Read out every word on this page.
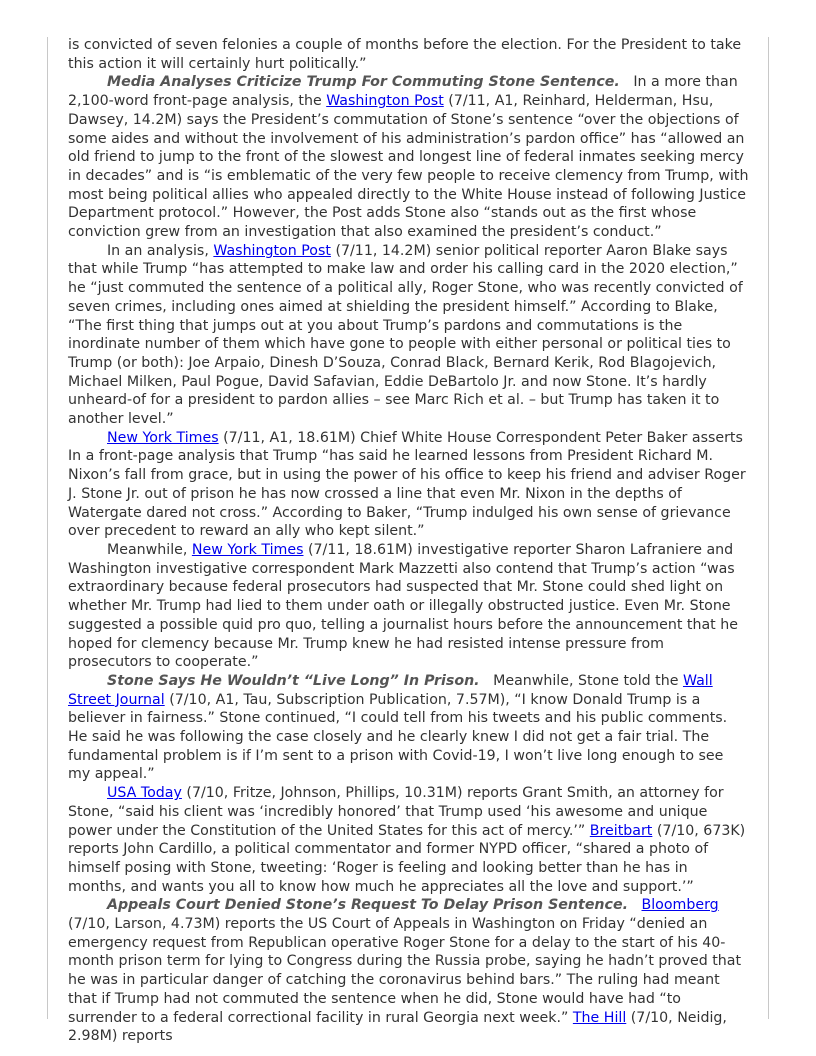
is convicted of seven felonies a couple of months before the election. For the President to take this action it will certainly hurt politically.”

Media Analyses Criticize Trump For Commuting Stone Sentence.   In a more than 2,100-word front-page analysis, the Washington Post (7/11, A1, Reinhard, Helderman, Hsu, Dawsey, 14.2M) says the President’s commutation of Stone’s sentence “over the objections of some aides and without the involvement of his administration’s pardon office” has “allowed an old friend to jump to the front of the slowest and longest line of federal inmates seeking mercy in decades” and is “is emblematic of the very few people to receive clemency from Trump, with most being political allies who appealed directly to the White House instead of following Justice Department protocol.” However, the Post adds Stone also “stands out as the first whose conviction grew from an investigation that also examined the president’s conduct.”

In an analysis, Washington Post (7/11, 14.2M) senior political reporter Aaron Blake says that while Trump “has attempted to make law and order his calling card in the 2020 election,” he “just commuted the sentence of a political ally, Roger Stone, who was recently convicted of seven crimes, including ones aimed at shielding the president himself.” According to Blake, “The first thing that jumps out at you about Trump’s pardons and commutations is the inordinate number of them which have gone to people with either personal or political ties to Trump (or both): Joe Arpaio, Dinesh D’Souza, Conrad Black, Bernard Kerik, Rod Blagojevich, Michael Milken, Paul Pogue, David Safavian, Eddie DeBartolo Jr. and now Stone. It’s hardly unheard-of for a president to pardon allies – see Marc Rich et al. – but Trump has taken it to another level.”

New York Times (7/11, A1, 18.61M) Chief White House Correspondent Peter Baker asserts In a front-page analysis that Trump “has said he learned lessons from President Richard M. Nixon’s fall from grace, but in using the power of his office to keep his friend and adviser Roger J. Stone Jr. out of prison he has now crossed a line that even Mr. Nixon in the depths of Watergate dared not cross.” According to Baker, “Trump indulged his own sense of grievance over precedent to reward an ally who kept silent.”

Meanwhile, New York Times (7/11, 18.61M) investigative reporter Sharon Lafraniere and Washington investigative correspondent Mark Mazzetti also contend that Trump’s action “was extraordinary because federal prosecutors had suspected that Mr. Stone could shed light on whether Mr. Trump had lied to them under oath or illegally obstructed justice. Even Mr. Stone suggested a possible quid pro quo, telling a journalist hours before the announcement that he hoped for clemency because Mr. Trump knew he had resisted intense pressure from prosecutors to cooperate.”

Stone Says He Wouldn’t “Live Long” In Prison.   Meanwhile, Stone told the Wall Street Journal (7/10, A1, Tau, Subscription Publication, 7.57M), “I know Donald Trump is a believer in fairness.” Stone continued, “I could tell from his tweets and his public comments. He said he was following the case closely and he clearly knew I did not get a fair trial. The fundamental problem is if I’m sent to a prison with Covid-19, I won’t live long enough to see my appeal.”

USA Today (7/10, Fritze, Johnson, Phillips, 10.31M) reports Grant Smith, an attorney for Stone, “said his client was ‘incredibly honored’ that Trump used ‘his awesome and unique power under the Constitution of the United States for this act of mercy.’” Breitbart (7/10, 673K) reports John Cardillo, a political commentator and former NYPD officer, “shared a photo of himself posing with Stone, tweeting: ‘Roger is feeling and looking better than he has in months, and wants you all to know how much he appreciates all the love and support.’”

Appeals Court Denied Stone’s Request To Delay Prison Sentence. Bloomberg (7/10, Larson, 4.73M) reports the US Court of Appeals in Washington on Friday “denied an emergency request from Republican operative Roger Stone for a delay to the start of his 40-month prison term for lying to Congress during the Russia probe, saying he hadn’t proved that he was in particular danger of catching the coronavirus behind bars.” The ruling had meant that if Trump had not commuted the sentence when he did, Stone would have had “to surrender to a federal correctional facility in rural Georgia next week.” The Hill (7/10, Neidig, 2.98M) reports
